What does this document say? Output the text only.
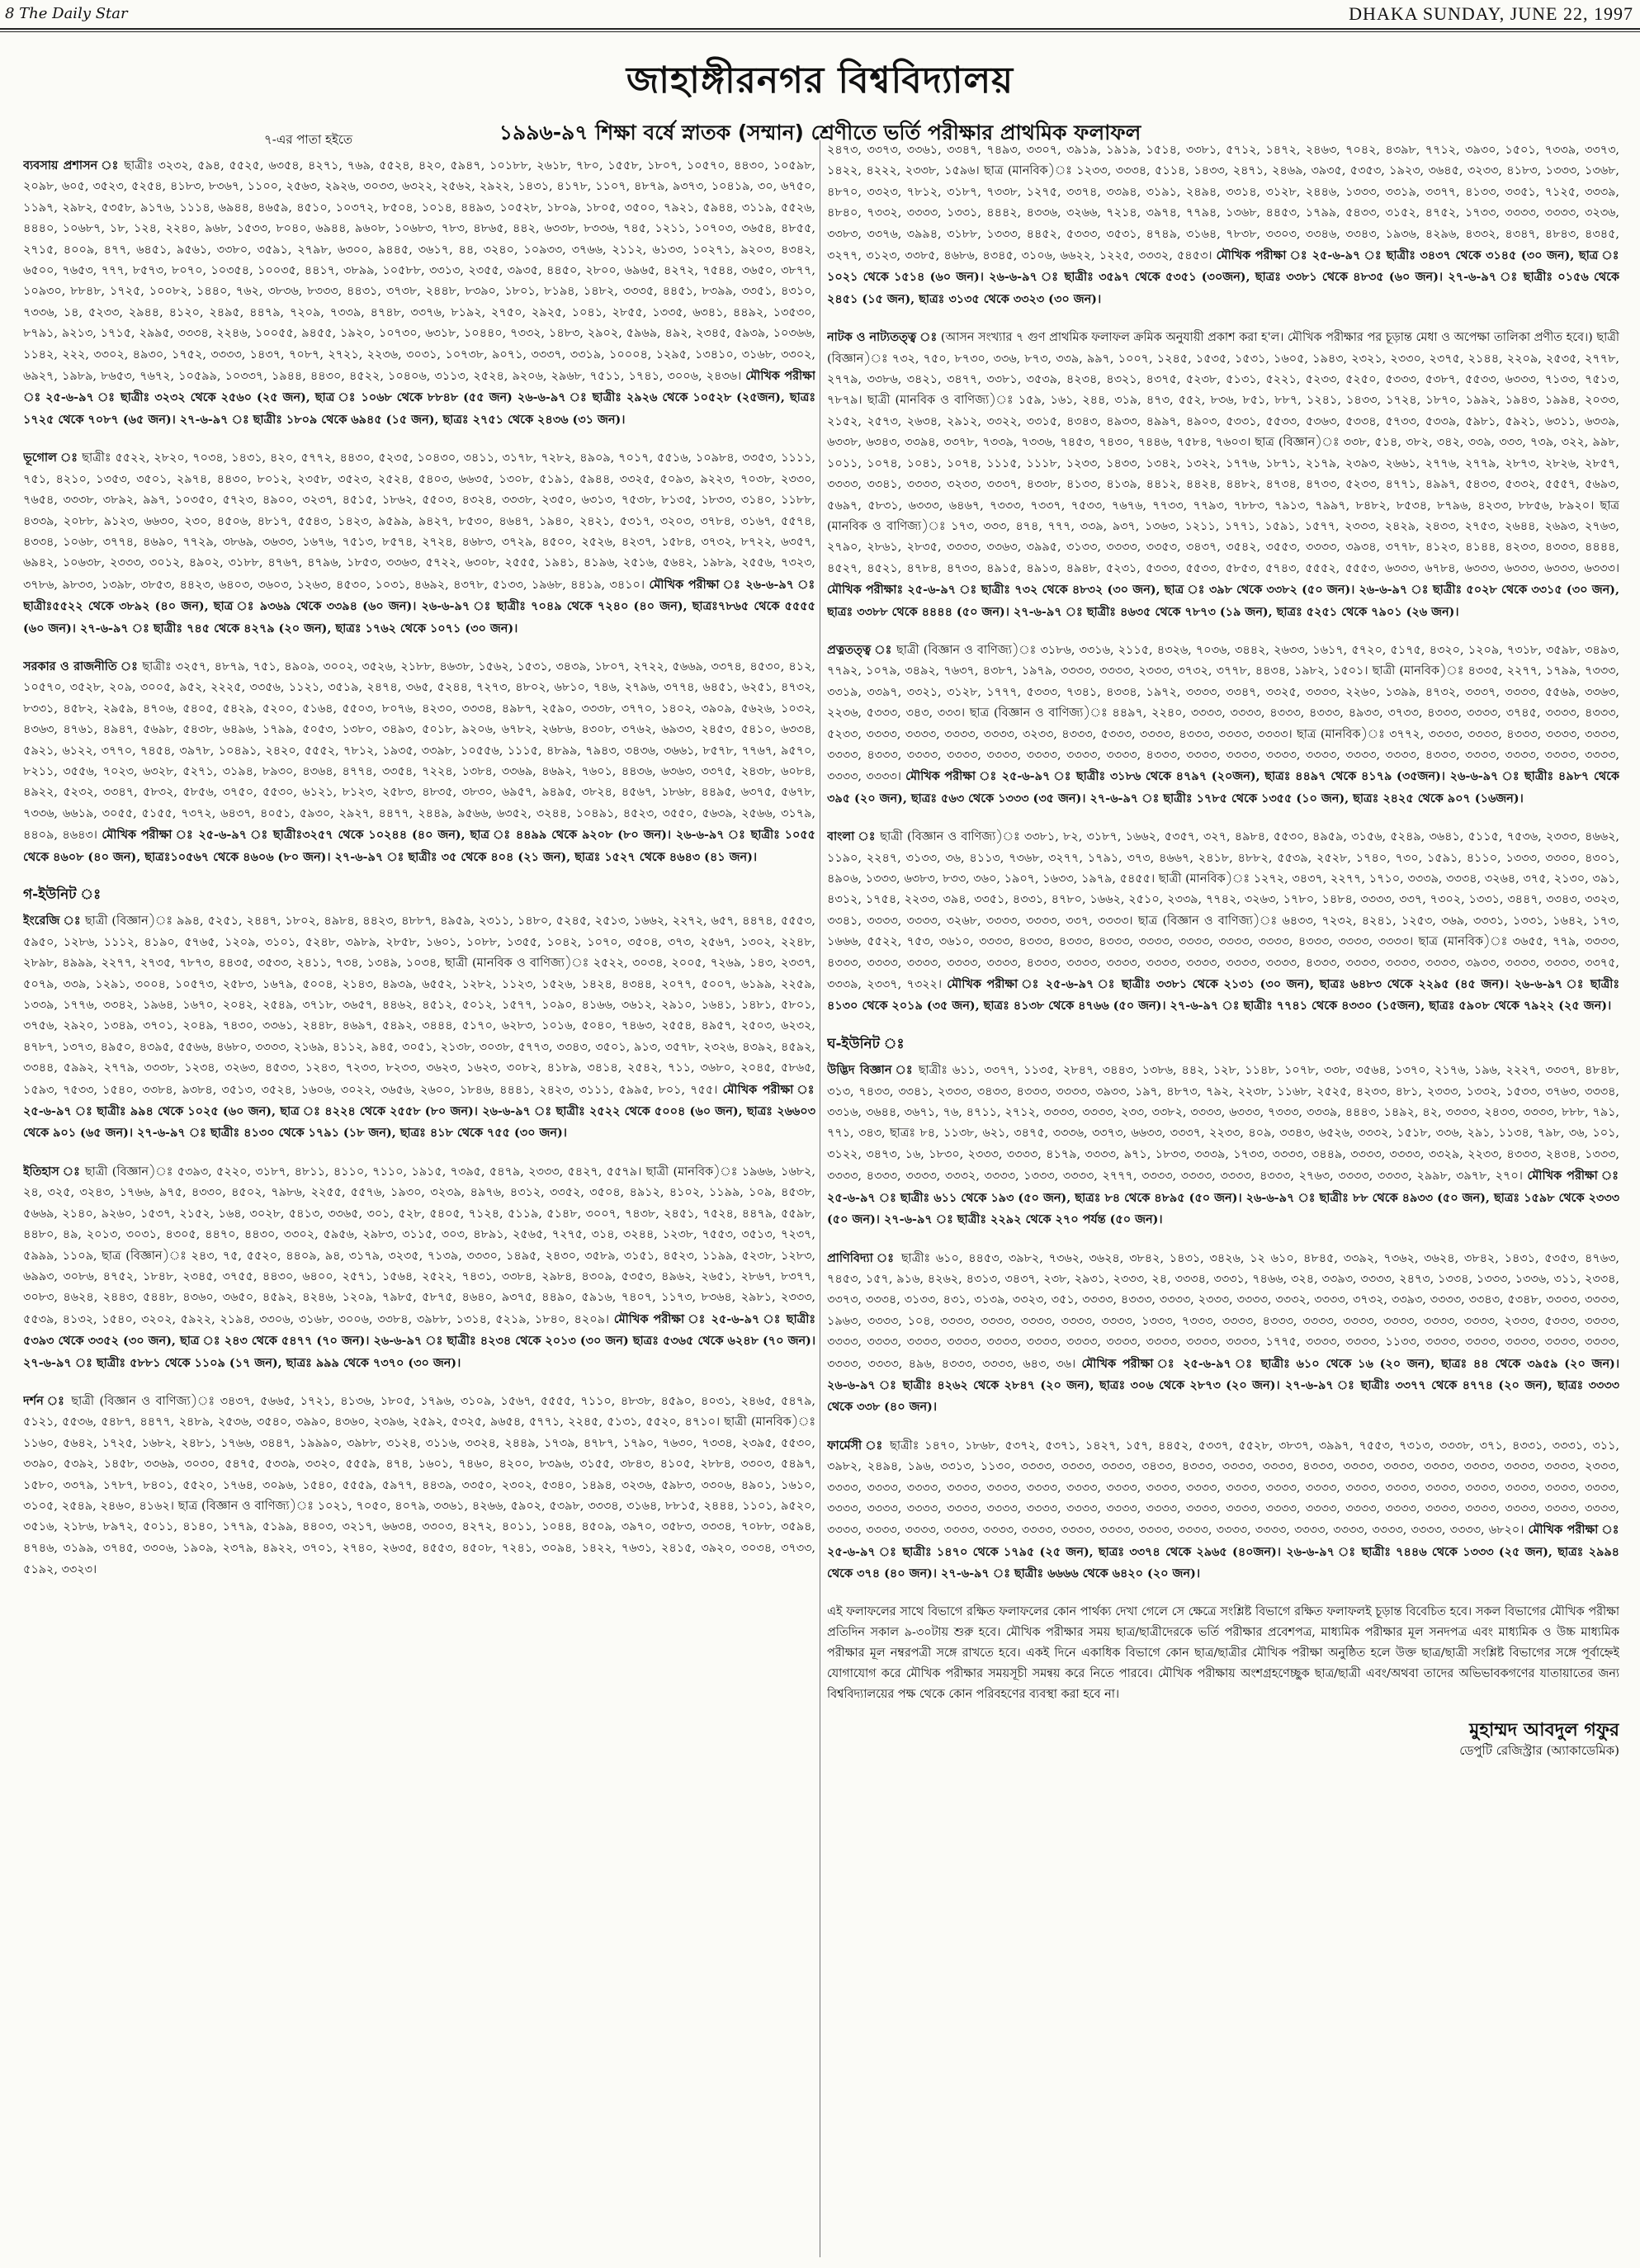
8 The Daily Star	DHAKA SUNDAY, JUNE 22, 1997
জাহাঙ্গীরনগর বিশ্ববিদ্যালয়
১৯৯৬-৯৭ শিক্ষা বর্ষে স্নাতক (সম্মান) শ্রেণীতে ভর্তি পরীক্ষার প্রাথমিক ফলাফল
৭-এর পাতা হইতে
ব্যবসায় প্রশাসন ঃ ছাত্রীঃ ৩২৩২, ৫৯৪, ৫৫২৫, ৬৩৫৪, ৪২৭১, ৭৬৯, ৫৫২৪, ৪২০, ৫৯৪৭, ১০১৮৮, ২৬১৮, ৭৮০, ১৫৫৮, ১৮০৭, ১০৫৭০, ৪৪৩০, ১০৫৯৮, ২০৯৮, ৬০৫, ৩৫২৩, ৫২৫৪, ৪১৮৩, ৮৩৬৭, ১১০০, ২৫৬৩, ২৯২৬, ৩০৩৩, ৬৩২২, ২৫৬২, ২৯২২, ১৪৩১, ৪১৭৮, ১১০৭, ৪৮৭৯, ৯৩৭৩, ১০৪১৯, ৩০, ৬৭৫০, ১১৯৭, ২৯৮২, ৫৩৫৮, ৯১৭৬, ১১১৪, ৬৯৪৪, ৪৬৫৯, ৪৫১০, ১০৩৭২, ৮৫০৪, ১০১৪, ৪৪৯৩, ১০৫২৮, ১৮০৯, ১৮০৫, ৩৫০০, ৭৯২১, ৫৯৪৪, ৩১১৯, ৫৫২৬, ৪৪৪০, ১০৬৮৭, ১৮, ১২৪, ২২৪০, ৯৬৮, ১৫৩৩, ৮০৪০, ৬৯৪৪, ৯৬০৮, ১০৬৮৩, ৭৮৩, ৪৮৬৫, ৪৪২, ৬৩৩৮, ৮৩৩৬, ৭৪৫, ১২১১, ১০৭০৩, ৩৬৫৪, ৪৮৫৫, ২৭১৫, ৪০০৯, ৪৭৭, ৬৪৫১, ৯৫৬১, ৩৩৮০, ৩৫৯১, ২৭৯৮, ৬৩০০, ৯৪৪৫, ৩৬১৭, ৪৪, ৩২৪০, ১০৯৩৩, ৩৭৬৬, ২১১২, ৬১৩৩, ১০২৭১, ৯২০৩, ৪৩৪২, ৬৫০০, ৭৬৫৩, ৭৭৭, ৮৫৭৩, ৮০৭০, ১০৩৫৪, ১০০৩৫, ৪৪১৭, ৩৮৯৯, ১০৫৮৮, ৩৩১৩, ২৩৫৫, ৩৯৩৫, ৪৪৫০, ২৮০০, ৬৯৬৫, ৪২৭২, ৭৫৪৪, ৩৬৫০, ৩৮৭৭, ১০৯৩০, ৮৮৪৮, ১৭২৫, ১০০৮২, ১৪৪০, ৭৬২, ৩৮৩৬, ৮৩৩৩, ৪৪৩১, ৩৭৩৮, ২৪৪৮, ৮৩৯০, ১৮০১, ৮১৯৪, ১৪৮২, ৩৩৩৫, ৪৪৫১, ৮৩৯৯, ৩৩৫১, ৪৩১০, ৭৩৩৬, ১৪, ৫২৩৩, ২৯৪৪, ৪১২০, ২৪৯৫, ৪৪৭৯, ৭২০৯, ৭৩৩৯, ৪৭৪৮, ৩৩৭৬, ৮১৯২, ২৭৫০, ২৯২৫, ১০৪১, ২৮৫৫, ১৩৩৫, ৬৩৪১, ৪৪৯২, ১৩৫৩০, ৮৭৯১, ৯২১৩, ১৭১৫, ২৯৯৫, ৩৩৩৪, ২২৪৬, ১০০৫৫, ৯৪৫৫, ১৯২০, ১০৭৩০, ৬৩১৮, ১০৪৪০, ৭৩৩২, ১৪৮৩, ২৯০২, ৫৯৬৯, ৪৯২, ২৩৪৫, ৫৯৩৯, ১০৩৬৬, ১১৪২, ২২২, ৩৩০২, ৪৯৩০, ১৭৫২, ৩৩৩৩, ১৪৩৭, ৭০৮৭, ২৭২১, ২২৩৬, ৩০৩১, ১০৭৩৮, ৯০৭১, ৩৩৩৭, ৩৩১৯, ১০০০৪, ১২৯৫, ১৩৪১০, ৩১৬৮, ৩৩০২, ৬৯২৭, ১৯৮৯, ৮৬৫৩, ৭৬৭২, ১০৫৯৯, ১০৩৩৭, ১৯৪৪, ৪৪৩০, ৪৫২২, ১০৪০৬, ৩১১৩, ২৫২৪, ৯২০৬, ২৯৬৮, ৭৫১১, ১৭৪১, ৩০০৬, ২৪৩৬। মৌখিক পরীক্ষা ঃ ২৫-৬-৯৭ ঃ ছাত্রীঃ ৩২৩২ থেকে ২৫৬০ (২৫ জন), ছাত্র ঃ ১০৬৮ থেকে ৮৮৪৮ (৫৫ জন) ২৬-৬-৯৭ ঃ ছাত্রীঃ ২৯২৬ থেকে ১০৫২৮ (২৫জন), ছাত্রঃ ১৭২৫ থেকে ৭০৮৭ (৬৫ জন)। ২৭-৬-৯৭ ঃ ছাত্রীঃ ১৮০৯ থেকে ৬৯৪৫ (১৫ জন), ছাত্রঃ ২৭৫১ থেকে ২৪৩৬ (৩১ জন)।
ভূগোল ঃ ছাত্রীঃ ৫৫২২, ২৮২০, ৭০৩৪, ১৪৩১, ৪২০, ৫৭৭২, ৪৪৩০, ৫২৩৫, ১০৪৩০, ৩৪১১, ৩১৭৮, ৭২৮২, ৪৯০৯, ৭০১৭, ৫৫১৬, ১০৯৮৪, ৩৩৫৩, ১১১১, ৭৫১, ৪২১০, ১৩৫৩, ৩৫০১, ২৯৭৪, ৪৪৩০, ৮০১২, ২৩৫৮, ৩৫২৩, ২৫২৪, ৫৪০৩, ৬৬৩৫, ১৩০৮, ৫১৯১, ৫৯৪৪, ৩৩২৫, ৫০৯৩, ৯২২৩, ৭০৩৮, ২৩৩০, ৭৬৫৪, ৩৩৩৮, ৩৮৯২, ৯৯৭, ১০৩৫০, ৫৭২৩, ৪৯০০, ৩২৩৭, ৪৫১৫, ১৮৬২, ৫৫০৩, ৪৩২৪, ৩৩৩৮, ২৩৫০, ৬৩১৩, ৭৫৩৮, ৮১৩৫, ১৮৩৩, ৩১৪০, ১১৮৮, ৪৩৩৯, ২০৮৮, ৯১২৩, ৬৬৩০, ২৩০, ৪৫০৬, ৪৮১৭, ৫৫৪৩, ১৪২৩, ৯৫৯৯, ৯৪২৭, ৮৫৩০, ৪৬৪৭, ১৯৪০, ২৪২১, ৫৩১৭, ৩২০৩, ৩৭৮৪, ৩১৬৭, ৫৫৭৪, ৪৩৩৪, ১০৬৮, ৩৭৭৪, ৪৬৯০, ৭৭২৯, ৩৮৬৯, ৩৬৩৩, ১৬৭৬, ৭৫১৩, ৮৫৭৪, ২৭২৪, ৪৬৮৩, ৩৭২৯, ৪৫০০, ২৫২৬, ৪২৩৭, ১৫৮৪, ৩৭৩২, ৮৭২২, ৬৩৫৭, ৬৯৪২, ১০৬৩৮, ২৩৩৩, ৩০১২, ৪৯০২, ৩১৮৮, ৪৭৬৭, ৪৭৯৬, ১৮৫৩, ৩৩৬৩, ৫৭২২, ৬৩০৮, ২৫৫৫, ১৯৪১, ৪১৯৬, ২৫১৬, ৫৬৪২, ১৯৮৯, ২৫৫৬, ৭৩২৩, ৩৭৮৬, ৯৮৩৩, ১৩৯৮, ৩৮৫৩, ৪৪২৩, ৬৪০৩, ৩৬০৩, ১২৬৩, ৪৫৩০, ১০৩১, ৪৬৯২, ৪৩৭৮, ৫১৩৩, ১৯৬৮, ৪৪১৯, ৩৪১০। মৌখিক পরীক্ষা ঃ ২৬-৬-৯৭ ঃ ছাত্রীঃ৫৫২২ থেকে ৩৮৯২ (৪০ জন), ছাত্র ঃ ৯৩৬৯ থেকে ৩৩৯৪ (৬০ জন)। ২৬-৬-৯৭ ঃ ছাত্রীঃ ৭০৪৯ থেকে ৭২৪০ (৪০ জন), ছাত্রঃ৭৮৬৫ থেকে ৫৫৫৫ (৬০ জন)। ২৭-৬-৯৭ ঃ ছাত্রীঃ ৭৪৫ থেকে ৪২৭৯ (২০ জন), ছাত্রঃ ১৭৬২ থেকে ১০৭১ (৩০ জন)।
সরকার ও রাজনীতি ঃ ছাত্রীঃ ৩২৫৭, ৪৮৭৯, ৭৫১, ৪৯০৯, ৩০০২, ৩৫২৬, ২১৮৮, ৪৬৩৮, ১৫৬২, ১৫৩১, ৩৪৩৯, ১৮০৭, ২৭২২, ৫৬৬৯, ৩৩৭৪, ৪৫৩০, ৪১২, ১০৫৭০, ৩৫২৮, ২০৯, ৩০০৫, ৯৫২, ২২২৫, ৩৩৫৬, ১১২১, ৩৫১৯, ২৪৭৪, ৩৬৫, ৫২৪৪, ৭২৭৩, ৪৮০২, ৬৮১০, ৭৪৬, ২৭৯৬, ৩৭৭৪, ৬৪৫১, ৬২৫১, ৪৭৩২, ৮৩৩১, ৪৫৮২, ২৯৫৯, ৪৭০৬, ৫৪০৫, ৫৪২৯, ৫২০০, ৫১৬৪, ৫৫০৩, ৮০৭৬, ৪২৩০, ৩৩৩৪, ৪৯৮৭, ২৫৯০, ৩৩৩৮, ৩৭৭০, ১৪০২, ৩৯০৯, ৫৬২৬, ১০৩২, ৪৩৬৩, ৪৭৬১, ৪৯৪৭, ৫৬৯৮, ৫৪৩৮, ৬৪৯৬, ১৭৯৯, ৫০৫৩, ১৩৮০, ৩৪৯৩, ৫০১৮, ৯২০৬, ৬৭৮২, ২৬৮৬, ৪৩০৮, ৩৭৬২, ৬৯৩৩, ২৪৫৩, ৫৪১০, ৬৩৩৪, ৫৯২১, ৬১২২, ৩৭৭০, ৭৪৫৪, ৩৯৭৮, ১০৪৯১, ২৪২০, ৫৫৫২, ৭৮১২, ১৯৩৫, ৩৩৯৮, ১০৫৫৬, ১১১৫, ৪৮৯৯, ৭৯৪৩, ৩৪৩৬, ৩৬৬১, ৮৫৭৮, ৭৭৬৭, ৯৫৭০, ৮২১১, ৩৫৫৬, ৭০২৩, ৬৩২৮, ৫২৭১, ৩১৯৪, ৮৯৩০, ৪৩৬৪, ৪৭৭৪, ৩৩৫৪, ৭২২৪, ১৩৮৪, ৩৩৬৯, ৪৬৯২, ৭৬০১, ৪৪৩৬, ৬৩৬৩, ৩৩৭৫, ২৪৩৮, ৬০৮৪, ৪৯২২, ৫২৩২, ৩৩৪৭, ৫৮৩২, ৫৮৫৬, ৩৭৫০, ৫৫৩০, ৬১২১, ৮১২৩, ২৫৮৩, ৪৮৩৫, ৩৮৩০, ৬৯৫৭, ৯৪৯৫, ৩৮২৪, ৪৫৬৭, ১৮৬৮, ৪৪৯৫, ৬৩৭৫, ৫৬৭৮, ৭৩৩৬, ৬৬১৯, ৩০৫৫, ৫১৫৫, ৭৩৭২, ৬৪৩৭, ৪০৫১, ৫৯৩০, ২৯২৭, ৪৪৭৭, ২৪৪৯, ৯৫৬৬, ৬৩৫২, ৩২৪৪, ১০৪৯১, ৪৫২৩, ৩৫৫০, ৫৬৩৯, ২৫৬৬, ৩১৭৯, ৪৪০৯, ৪৬৪৩। মৌখিক পরীক্ষা ঃ ২৫-৬-৯৭ ঃ ছাত্রীঃ৩২৫৭ থেকে ১০২৪৪ (৪০ জন), ছাত্র ঃ ৪৪৯৯ থেকে ৯২০৮ (৮০ জন)। ২৬-৬-৯৭ ঃ ছাত্রীঃ ১০৫৫ থেকে ৪৬০৮ (৪০ জন), ছাত্রঃ১০৫৬৭ থেকে ৪৬০৬ (৮০ জন)। ২৭-৬-৯৭ ঃ ছাত্রীঃ ৩৫ থেকে ৪০৪ (২১ জন), ছাত্রঃ ১৫২৭ থেকে ৪৬৪৩ (৪১ জন)।
গ-ইউনিট ঃ
ইংরেজি ঃ ছাত্রী (বিজ্ঞান)ঃ ৯৯৪, ৫২৫১, ২৪৪৭, ১৮০২, ৪৯৮৪, ৪৪২৩, ৪৮৮৭, ৪৯৫৯, ২৩১১, ১৪৮০, ৫২৪৫, ২৫১৩, ১৬৬২, ২২৭২, ৬৫৭, ৪৪৭৪, ৫৫৫৩, ৫৯৫০, ১২৮৬, ১১১২, ৪১৯০, ৫৭৬৫, ১২০৯, ৩১০১, ৫২৪৮, ৩৯৮৯, ২৮৫৮, ১৬০১, ১০৮৮, ১৩৫৫, ১০৪২, ১০৭০, ৩৫০৪, ৩৭৩, ২৫৬৭, ১৩০২, ২২৪৮, ২৮৯৮, ৪৯৯৯, ২২৭৭, ২৭৩৫, ৭৮৭৩, ৪৪৩৫, ৩৫৩৩, ২৪১১, ৭৩৪, ১৩৪৯, ১০৩৪, ছাত্রী (মানবিক ও বাণিজ্য)ঃ ২৫২২, ৩০৩৪, ২০০৫, ৭২৬৯, ১৪৩, ২৩৩৭, ৫০৭৯, ৩৩৯, ১২৯১, ৩০০৪, ১০৫৭৩, ২৫৮৩, ১৬৭৯, ৫০০৪, ২১৪৩, ৪৯৩৯, ৬৫৫২, ১২৮২, ১১২৩, ১৫২৬, ১৪২৪, ৪৩৪৪, ২০৭৭, ৫০০৭, ৬১৯৯, ২২৫৯, ১৩৩৯, ১৭৭৬, ৩৩৪২, ১৯৬৪, ১৬৭০, ২০৪২, ২৫৪৯, ৩৭১৮, ৩৬৫৭, ৪৪৬২, ৪৫১২, ৫০১২, ১৫৭৭, ১০৯০, ৪১৬৬, ৩৬১২, ২৯১০, ১৬৪১, ১৪৮১, ৫৮০১, ৩৭৫৬, ২৯২০, ১৩৪৯, ৩৭০১, ২০৪৯, ৭৪৩০, ৩৩৬১, ২৪৪৮, ৪৬৯৭, ৫৪৯২, ৩৪৪৪, ৫১৭০, ৬২৮৩, ১০১৬, ৫০৪০, ৭৪৬৩, ২৫৫৪, ৪৯৫৭, ২৫০৩, ৬২৩২, ৪৭৮৭, ১৩৭৩, ৪৯৫০, ৪৩৯৫, ৫৫৬৬, ৪৬৮০, ৩৩৩৩, ২১৬৯, ৪১১২, ৯৪৫, ৩০৫১, ২১৩৮, ৩০৩৮, ৫৭৭৩, ৩৩৪৩, ৩৫০১, ৯১৩, ৩৫৭৮, ২৩২৬, ৪৩৯২, ৪৫৯২, ৩৩৪৪, ৫৯৯২, ২৭৭৯, ৩৩৩৮, ১২৩৪, ৩২৬৩, ৪৫৩৩, ১২৪৩, ৭২৩৩, ৮২৩৩, ৩৬২৩, ১৬২৩, ৩০৮২, ৪১৮৯, ৩৪১৪, ২৫৪২, ৭১১, ৩৬৮০, ২০৪৫, ৫৮৬৫, ১৫৯৩, ৭৫৩৩, ১৫৪০, ৩৩৮৪, ৯৩৮৪, ৩৫১৩, ৩৫২৪, ১৬০৬, ৩০২২, ৩৬৫৬, ২৬০০, ১৮৪৬, ৪৪৪১, ২৪২৩, ৩১১১, ৫৯৯৫, ৮০১, ৭৫৫। মৌখিক পরীক্ষা ঃ ২৫-৬-৯৭ ঃ ছাত্রীঃ ৯৯৪ থেকে ১০২৫ (৬০ জন), ছাত্র ঃ ৪২২৪ থেকে ২৫৫৮ (৮০ জন)। ২৬-৬-৯৭ ঃ ছাত্রীঃ ২৫২২ থেকে ৫০০৪ (৬০ জন), ছাত্রঃ ২৬৬০৩ থেকে ৯০১ (৬৫ জন)। ২৭-৬-৯৭ ঃ ছাত্রীঃ ৪১৩০ থেকে ১৭৯১ (১৮ জন), ছাত্রঃ ৪১৮ থেকে ৭৫৫ (৩০ জন)।
ইতিহাস ঃ ছাত্রী (বিজ্ঞান)ঃ ৫৩৯৩, ৫২২০, ৩১৮৭, ৪৮১১, ৪১১০, ৭১১০, ১৯১৫, ৭৩৯৫, ৫৪৭৯, ২৩৩৩, ৫৪২৭, ৫৫৭৯। ছাত্রী (মানবিক)ঃ ১৯৬৬, ১৬৮২, ২৪, ৩২৫, ৩২৪৩, ১৭৬৬, ৯৭৫, ৪৩৩০, ৪৫০২, ৭৯৮৬, ২২৫৫, ৫৫৭৬, ১৯৩০, ৩২৩৯, ৪৯৭৬, ৪৩১২, ৩৩৫২, ৩৫০৪, ৪৯১২, ৪১০২, ১১৯৯, ১০৯, ৪৫৩৮, ৫৬৬৯, ২১৪০, ৯২৬০, ১৫৩৭, ২১৫২, ১৬৪, ৩০২৮, ৫৪১৩, ৩৩৬৫, ৩০১, ৫২৮, ৫৪০৫, ৭১২৪, ৫১১৯, ৫১৪৮, ৩০০৭, ৭৪৩৮, ২৪৫১, ৭৫২৪, ৪৪৭৯, ৫৫৯৮, ৪৪৮০, ৪৯, ২০১৩, ৩০৩১, ৪৩০৫, ৪৪৭০, ৪৪৩০, ৩৩০২, ৫৯৫৬, ২৯৮৩, ৩১১৫, ৩০৩, ৪৮৯১, ২৫৬৫, ৭২৭৫, ৩১৪, ৩২৪৪, ১২৩৮, ৭৫৫৩, ৩৫১৩, ৭২৩৭, ৫৯৯৯, ১১০৯, ছাত্র (বিজ্ঞান)ঃ ২৪৩, ৭৫, ৫৫২০, ৪৪০৯, ৯৪, ৩১৭৯, ৩২৩৫, ৭১৩৯, ৩৩৩০, ১৪৯৫, ২৪৩০, ৩৫৮৯, ৩১৫১, ৪৫২৩, ১১৯৯, ৫২৩৮, ১২৮৩, ৬৯৯৩, ৩০৮৬, ৪৭৫২, ১৮৪৮, ২৩৪৫, ৩৭৫৫, ৪৪৩০, ৬৪০০, ২৫৭১, ১৫৬৪, ২৫২২, ৭৪৩১, ৩৩৮৪, ২৯৮৪, ৪৩০৯, ৫৩৫৩, ৪৯৬২, ২৬৫১, ২৮৬৭, ৮৩৭৭, ৩০৮৩, ৪৬২৪, ২৪৪৩, ৫৪৪৮, ৪৩৬০, ৩৬৫০, ৪৫৯২, ৪২৪৬, ১২০৯, ৭৯৮৫, ৫৮৭৫, ৪৬৪০, ৯৩৭৫, ৪৪৯০, ৫৯১৬, ৭৪০৭, ১১৭৩, ৮৩৬৪, ২৯৮১, ২৩৩৩, ৫৫৩৯, ৪১৩২, ১৫৪০, ৩২০২, ৫৯২২, ২১৯৪, ৩৩০৬, ৩১৬৮, ৩০০৬, ৩৩৮৪, ৩৯৮৮, ১৩১৪, ৫২১৯, ১৮৪০, ৪২০৯। মৌখিক পরীক্ষা ঃ ২৫-৬-৯৭ ঃ ছাত্রীঃ ৫৩৯৩ থেকে ৩৩৫২ (৩০ জন), ছাত্র ঃ ২৪৩ থেকে ৫৪৭৭ (৭০ জন)। ২৬-৬-৯৭ ঃ ছাত্রীঃ ৪২৩৪ থেকে ২০১৩ (৩০ জন) ছাত্রঃ ৫৩৬৫ থেকে ৬২৪৮ (৭০ জন)। ২৭-৬-৯৭ ঃ ছাত্রীঃ ৫৮৮১ থেকে ১১০৯ (১৭ জন), ছাত্রঃ ৯৯৯ থেকে ৭৩৭০ (৩০ জন)।
দর্শন ঃ ছাত্রী (বিজ্ঞান ও বাণিজ্য)ঃ ৩৪৩৭, ৫৬৬৫, ১৭২১, ৪১৩৬, ১৮০৫, ১৭৯৬, ৩১০৯, ১৫৬৭, ৫৫৫৫, ৭১১০, ৪৮৩৮, ৪৫৯০, ৪০৩১, ২৪৬৫, ৫৪৭৯, ৫১২১, ৫৫৩৬, ৫৪৮৭, ৪৪৭৭, ২৪৮৯, ২৫৩৬, ৩৫৪০, ৩৯৯০, ৪৩৬০, ২৩৯৬, ২৫৯২, ৫৩২৫, ৯৬৫৪, ৫৭৭১, ২২৪৫, ৫১৩১, ৫৫২০, ৪৭১০। ছাত্রী (মানবিক)ঃ ১১৬০, ৫৬৪২, ১৭২৫, ১৬৮২, ২৪৮১, ১৭৬৬, ৩৪৪৭, ১৯৯৯০, ৩৯৮৮, ৩১২৪, ৩১১৬, ৩৩২৪, ২৪৪৯, ১৭৩৯, ৪৭৮৭, ১৭৯০, ৭৬৩০, ৭৩৩৪, ২৩৯৫, ৫৫৩০, ৩৩৯০, ৫৩৯২, ১৪৫৮, ৩৩৬৯, ৩০৩০, ৫৪৭৫, ৫৩৩৯, ৩৩২০, ৫৫৫৯, ৪৭৪, ১৬০১, ৭৪৬০, ৪২০০, ৮৩৯৬, ৩১৫৫, ৩৮৪৩, ৪১০৫, ২৮৮৪, ৩৩০৩, ৫৪৯৭, ১৫৮০, ৩৩৭৯, ১৭৮৭, ৮৪০১, ৫৫২০, ১৭৬৪, ৩০৯৬, ১৫৪০, ৫৫৫৯, ৫৯৭৭, ৪৪৩৯, ৩৩৫০, ২৩০২, ৫৩৪০, ১৪৯৪, ৩২৩৬, ৫৯৮৩, ৩৩০৬, ৪৯০১, ১৬১০, ৩১০৫, ২৫৪৯, ২৪৬০, ৪১৬২। ছাত্র (বিজ্ঞান ও বাণিজ্য)ঃ ১০২১, ৭০৫০, ৪০৭৯, ৩৩৬১, ৪২৬৬, ৫৯০২, ৫৩৯৮, ৩৩৩৪, ৩১৬৪, ৮৮১৫, ২৪৪৪, ১১০১, ৯৫২০, ৩৫১৬, ২১৮৬, ৮৯৭২, ৫০১১, ৪১৪০, ১৭৭৯, ৫১৯৯, ৪৪০৩, ৩২১৭, ৬৬৩৪, ৩৩০৩, ৪২৭২, ৪০১১, ১০৪৪, ৪৫০৯, ৩৯৭০, ৩৫৮৩, ৩৩৩৪, ৭০৮৮, ৩৫৯৪, ৪৭৪৬, ৩১৯৯, ৩৭৪৫, ৩৩০৬, ১৯০৯, ২৩৭৯, ৪৯২২, ৩৭০১, ২৭৪০, ২৬৩৫, ৪৫৫৩, ৪৫০৮, ৭২৪১, ৩০৯৪, ১৪২২, ৭৬৩১, ২৪১৫, ৩৯২০, ৩০৩৪, ৩৭৩৩, ৫১৯২, ৩৩২৩।
২৪৭৩, ৩৩৭৩, ৩৩৬১, ৩৩৪৭, ৭৪৯৩, ৩৩০৭, ৩৯১৯, ১৯১৯, ১৫১৪, ৩৩৮১, ৫৭১২, ১৪৭২, ২৪৬৩, ৭০৪২, ৪৩৯৮, ৭৭১২, ৩৯৩০, ১৫০১, ৭৩৩৯, ৩৩৭৩, ১৪২২, ৪২২২, ২৩৩৮, ১৫৯৬। ছাত্র (মানবিক)ঃ ১২৩৩, ৩৩৩৪, ৫১১৪, ১৪৩৩, ২৪৭১, ২৪৬৯, ৩৯৩৫, ৫৩৫৩, ১৯২৩, ৩৬৪৫, ৩২৩৩, ৪১৮৩, ১৩৩৩, ১৩৬৮, ৪৮৭০, ৩৩২৩, ৭৮১২, ৩১৮৭, ৭৩৩৮, ১২৭৫, ৩৩৭৪, ৩৩৯৪, ৩১৯১, ২৪৯৪, ৩৩১৪, ৩১২৮, ২৪৪৬, ১৩৩৩, ৩৩১৯, ৩৩৭৭, ৪১৩৩, ৩৩৫১, ৭১২৫, ৩৩৩৯, ৪৮৪০, ৭৩৩২, ৩৩৩৩, ১৩৩১, ৪৪৪২, ৪৩৩৬, ৩২৬৬, ৭২১৪, ৩৯৭৪, ৭৭৯৪, ১৩৬৮, ৪৪৫৩, ১৭৯৯, ৫৪৩৩, ৩১৫২, ৪৭৫২, ১৭৩৩, ৩৩৩৩, ৩৩৩৩, ৩২৩৬, ৩৩৮৩, ৩৩৭৬, ৩৯৯৪, ৩১৮৮, ১৩৩৩, ৪৪৫২, ৫৩৩৩, ৩৫৩১, ৪৭৪৯, ৩১৬৪, ৭৮৩৮, ৩৩০৩, ৩৩৪৬, ৩৩৪৩, ১৯৩৬, ৪২৯৬, ৪৩৩২, ৪৩৪৭, ৪৮৪৩, ৪৩৪৫, ৩২৭৭, ৩১২৩, ৩৩৮৫, ৪৬৮৬, ৪৩৪৫, ৩১০৬, ৬৬২২, ১২২৫, ৩৩৩২, ৫৪৫৩। মৌখিক পরীক্ষা ঃ ২৫-৬-৯৭ ঃ ছাত্রীঃ ৩৪৩৭ থেকে ৩১৪৫ (৩০ জন), ছাত্র ঃ ১০২১ থেকে ১৫১৪ (৬০ জন)। ২৬-৬-৯৭ ঃ ছাত্রীঃ ৩৫৯৭ থেকে ৫৩৫১ (৩০জন), ছাত্রঃ ৩৩৮১ থেকে ৪৮৩৫ (৬০ জন)। ২৭-৬-৯৭ ঃ ছাত্রীঃ ০১৫৬ থেকে ২৪৫১ (১৫ জন), ছাত্রঃ ৩১৩৫ থেকে ৩৩২৩ (৩০ জন)।
নাটক ও নাট্যতত্ত্ব ঃ (আসন সংখ্যার ৭ গুণ প্রাথমিক ফলাফল ক্রমিক অনুযায়ী প্রকাশ করা হ'ল। মৌখিক পরীক্ষার পর চূড়ান্ত মেধা ও অপেক্ষা তালিকা প্রণীত হবে।) ছাত্রী (বিজ্ঞান)ঃ ৭৩২, ৭৫০, ৮৭৩০, ৩৩৬, ৮৭৩, ৩৩৯, ৯৯৭, ১০০৭, ১২৪৫, ১৫৩৫, ১৫৩১, ১৬০৫, ১৯৪৩, ২৩২১, ২৩৩০, ২৩৭৫, ২১৪৪, ২২০৯, ২৫৩৫, ২৭৭৮, ২৭৭৯, ৩৩৮৬, ৩৪২১, ৩৪৭৭, ৩৩৮১, ৩৫৩৯, ৪২৩৪, ৪৩২১, ৪৩৭৫, ৫২৩৮, ৫১৩১, ৫২২১, ৫২৩৩, ৫২৫০, ৫৩৩৩, ৫৩৮৭, ৫৫৩৩, ৬৩৩৩, ৭১৩৩, ৭৫১৩, ৭৮৭৯। ছাত্রী (মানবিক ও বাণিজ্য)ঃ ১৫৯, ১৬১, ২৪৪, ৩১৯, ৪৭৩, ৫৫২, ৮৩৬, ৮৫১, ৮৮৭, ১২৪১, ১৪৩৩, ১৭২৪, ১৮৭০, ১৯৯২, ১৯৪৩, ১৯৯৪, ২০৩৩, ২১৫২, ২৫৭৩, ২৬৩৪, ২৯১২, ৩৩২২, ৩৩১৫, ৪৩৪৩, ৪৯৩৩, ৪৯৯৭, ৪৯০৩, ৫৩৩১, ৫৫৩৩, ৫৩৬৩, ৫৩৩৪, ৫৭৩৩, ৫৩৩৯, ৫৯৮১, ৫৯২১, ৬৩১১, ৬৩৩৯, ৬৩৩৮, ৬৩৪৩, ৩৩৯৪, ৩৩৭৮, ৭৩৩৯, ৭৩৩৬, ৭৪৫৩, ৭৪৩০, ৭৪৪৬, ৭৫৮৪, ৭৬০৩। ছাত্র (বিজ্ঞান)ঃ ৩৩৮, ৫১৪, ৩৮২, ৩৪২, ৩৩৯, ৩৩৩, ৭৩৯, ৩২২, ৯৯৮, ১০১১, ১০৭৪, ১০৪১, ১০৭৪, ১১১৫, ১১১৮, ১২৩৩, ১৪৩৩, ১৩৪২, ১৩২২, ১৭৭৬, ১৮৭১, ২১৭৯, ২৩৯৩, ২৬৬১, ২৭৭৬, ২৭৭৯, ২৮৭৩, ২৮২৬, ২৮৫৭, ৩৩৩৩, ৩৩৪১, ৩৩৩৩, ৩২৩৩, ৩৩৩৭, ৪৩৩৮, ৪১৩৩, ৪১৩৯, ৪৪১২, ৪৪২৪, ৪৪৮২, ৪৭৩৪, ৪৭৩৩, ৫২৩৩, ৪৭৭১, ৪৯৯৭, ৫৪৩৩, ৫৩৩২, ৫৫৫৭, ৫৬৯৩, ৫৬৯৭, ৫৮৩১, ৬৩৩৩, ৬৪৬৭, ৭৩৩৩, ৭৩৩৭, ৭৫৩৩, ৭৬৭৬, ৭৭৩৩, ৭৭৯৩, ৭৮৮৩, ৭৯১৩, ৭৯৯৭, ৮৪৮২, ৮৫৩৪, ৮৭৯৬, ৪২৩৩, ৮৮৫৬, ৮৯২০। ছাত্র (মানবিক ও বাণিজ্য)ঃ ১৭৩, ৩৩৩, ৪৭৪, ৭৭৭, ৩৩৯, ৯৩৭, ১৩৬৩, ১২১১, ১৭৭১, ১৫৯১, ১৫৭৭, ২৩৩৩, ২৪২৯, ২৪৩৩, ২৭৫৩, ২৬৪৪, ২৬৯৩, ২৭৬৩, ২৭৯০, ২৮৬১, ২৮৩৫, ৩৩৩৩, ৩৩৬৩, ৩৯৯৫, ৩১৩৩, ৩৩৩৩, ৩৩৫৩, ৩৪৩৭, ৩৫৪২, ৩৫৫৩, ৩৩৩৩, ৩৯৩৪, ৩৭৭৮, ৪১২৩, ৪১৪৪, ৪২৩৩, ৪৩৩৩, ৪৪৪৪, ৪৫২৭, ৪৫২১, ৪৭৮৪, ৪৭৩৩, ৪৯১৫, ৪৯১৩, ৪৯৪৮, ৫২৩১, ৫৩৩৩, ৫৫৩৩, ৫৮৫৩, ৫৭৪৩, ৫৫৫২, ৫৫৫৩, ৬৩৩৩, ৬৭৮৪, ৬৩৩৩, ৬৩৩৩, ৬৩৩৩, ৬৩৩৩। মৌখিক পরীক্ষাঃ ২৫-৬-৯৭ ঃ ছাত্রীঃ ৭৩২ থেকে ৪৮৩২ (৩০ জন), ছাত্র ঃ ৩৯৮ থেকে ৩৩৮২ (৫০ জন)। ২৬-৬-৯৭ ঃ ছাত্রীঃ ৫০২৮ থেকে ৩৩১৫ (৩০ জন), ছাত্রঃ ৩৩৮৮ থেকে ৪৪৪৪ (৫০ জন)। ২৭-৬-৯৭ ঃ ছাত্রীঃ ৪৬৩৫ থেকে ৭৮৭৩ (১৯ জন), ছাত্রঃ ৫২৫১ থেকে ৭৯০১ (২৬ জন)।
প্রত্নতত্ত্ব ঃ ছাত্রী (বিজ্ঞান ও বাণিজ্য)ঃ ৩১৮৬, ৩৩১৬, ২১১৫, ৪৩২৬, ৭০৩৬, ৩৪৪২, ২৬৩৩, ১৬১৭, ৫৭২০, ৫১৭৫, ৪৩২০, ১২০৯, ৭৩১৮, ৩৫৯৮, ৩৪৯৩, ৭৭৯২, ১০৭৯, ৩৪৯২, ৭৬৩৭, ৪৩৮৭, ১৯৭৯, ৩৩৩৩, ৩৩৩৩, ২৩৩৩, ৩৭৩২, ৩৭৭৮, ৪৪৩৪, ১৯৮২, ১৫০১। ছাত্রী (মানবিক)ঃ ৪৩৩৫, ২২৭৭, ১৭৯৯, ৭৩৩৩, ৩৩১৯, ৩৩৯৭, ৩৩২১, ৩১২৮, ১৭৭৭, ৫৩৩৩, ৭৩৪১, ৪৩৩৪, ১৯৭২, ৩৩৩৩, ৩৩৪৭, ৩৩২৫, ৩৩৩৩, ২২৬০, ১৩৯৯, ৪৭৩২, ৩৩৩৭, ৩৩৩৩, ৫৫৬৯, ৩৩৬৩, ২২৩৬, ৫৩৩৩, ৩৪৩, ৩৩৩। ছাত্র (বিজ্ঞান ও বাণিজ্য)ঃ ৪৪৯৭, ২২৪০, ৩৩৩৩, ৩৩৩৩, ৪৩৩৩, ৪৩৩৩, ৪৯৩৩, ৩৭৩৩, ৪৩৩৩, ৩৩৩৩, ৩৭৪৫, ৩৩৩৩, ৪৩৩৩, ৫২৩৩, ৩৩৩৩, ৩৩৩৩, ৩৩৩৩, ৩৩৩৩, ৩২৩৩, ৪৩৩৩, ৫৩৩৩, ৩৩৩৩, ৪৩৩৩, ৩৩৩৩, ৩৩৩৩। ছাত্র (মানবিক)ঃ ৩৭৭২, ৩৩৩৩, ৩৩৩৩, ৪৩৩৩, ৩৩৩৩, ৩৩৩৩, ৩৩৩৩, ৪৩৩৩, ৩৩৩৩, ৩৩৩৩, ৩৩৩৩, ৩৩৩৩, ৩৩৩৩, ৩৩৩৩, ৪৩৩৩, ৩৩৩৩, ৩৩৩৩, ৩৩৩৩, ৩৩৩৩, ৩৩৩৩, ৩৩৩৩, ৪৩৩৩, ৩৩৩৩, ৩৩৩৩, ৩৩৩৩, ৩৩৩৩, ৩৩৩৩, ৩৩৩৩। মৌখিক পরীক্ষা ঃ ২৫-৬-৯৭ ঃ ছাত্রীঃ ৩১৮৬ থেকে ৪৭৯৭ (২০জন), ছাত্রঃ ৪৪৯৭ থেকে ৪১৭৯ (৩৫জন)। ২৬-৬-৯৭ ঃ ছাত্রীঃ ৪৯৮৭ থেকে ৩৯৫ (২০ জন), ছাত্রঃ ৫৬৩ থেকে ১৩৩৩ (৩৫ জন)। ২৭-৬-৯৭ ঃ ছাত্রীঃ ১৭৮৫ থেকে ১৩৫৫ (১০ জন), ছাত্রঃ ২৪২৫ থেকে ৯০৭ (১৬জন)।
বাংলা ঃ ছাত্রী (বিজ্ঞান ও বাণিজ্য)ঃ ৩৩৮১, ৮২, ৩১৮৭, ১৬৬২, ৫৩৫৭, ৩২৭, ৪৯৮৪, ৫৫৩০, ৪৯৫৯, ৩১৫৬, ৫২৪৯, ৩৬৪১, ৫১১৫, ৭৫৩৬, ২৩৩৩, ৪৬৬২, ১১৯০, ২২৪৭, ৩১৩৩, ৩৬, ৪১১৩, ৭৩৬৮, ৩২৭৭, ১৭৯১, ৩৭৩, ৪৬৬৭, ২৪১৮, ৪৮৮২, ৫৫৩৯, ২৫২৮, ১৭৪০, ৭৩০, ১৫৯১, ৪১১০, ১৩৩৩, ৩৩৩০, ৪৩০১, ৪৯০৬, ১৩৩৩, ৬৩৮৩, ৮৩৩, ৩৬০, ১৯০৭, ১৬৩৩, ১৯৭৯, ৫৪৫৫। ছাত্রী (মানবিক)ঃ ১২৭২, ৩৪৩৭, ২২৭৭, ১৭১০, ৩৩৩৯, ৩৩৩৪, ৩২৬৪, ৩৭৫, ২১৩০, ৩৯১, ৪৩১২, ১৭৫৪, ২২৩৩, ৩৯৪, ৩৩৫১, ৪৩৩১, ৪৭৮০, ১৬৬২, ২৫১০, ২৩৩৯, ৭৭৪২, ৩২৬৩, ১৭৮০, ১৪৮৪, ৩৩৩৩, ৩৩৭, ৭৩০২, ১৩৩১, ৩৪৪৭, ৩৩৪৩, ৩৩২৩, ৩৩৪১, ৩৩৩৩, ৩৩৩৩, ৩২৬৮, ৩৩৩৩, ৩৩৩৩, ৩৩৭, ৩৩৩৩। ছাত্র (বিজ্ঞান ও বাণিজ্য)ঃ ৬৪৩৩, ৭২৩২, ৪২৪১, ১২৫৩, ৩৬৯, ৩৩৩১, ১৩৩১, ১৬৪২, ১৭৩, ১৬৬৬, ৫৫২২, ৭৫৩, ৩৬১০, ৩৩৩৩, ৪৩৩৩, ৪৩৩৩, ৪৩৩৩, ৩৩৩৩, ৩৩৩৩, ৩৩৩৩, ৩৩৩৩, ৪৩৩৩, ৩৩৩৩, ৩৩৩৩। ছাত্র (মানবিক)ঃ ৩৬৫৫, ৭৭৯, ৩৩৩৩, ৪৩৩৩, ৩৩৩৩, ৩৩৩৩, ৩৩৩৩, ৩৩৩৩, ৪৩৩৩, ৩৩৩৩, ৩৩৩৩, ৩৩৩৩, ৩৩৩৩, ৩৩৩৩, ৩৩৩৩, ৪৩৩৩, ৩৩৩৩, ৩৩৩৩, ৩৩৩৩, ৩৯৩৩, ৩৩৩৩, ৩৩৩৩, ৩৩৭৫, ৩৩৩৯, ২৩৩৭, ৭৩২২। মৌখিক পরীক্ষা ঃ ২৫-৬-৯৭ ঃ ছাত্রীঃ ৩৩৮১ থেকে ২১৩১ (৩০ জন), ছাত্রঃ ৬৪৮৩ থেকে ২২৯৫ (৪৫ জন)। ২৬-৬-৯৭ ঃ ছাত্রীঃ ৪১৩০ থেকে ২০১৯ (৩৫ জন), ছাত্রঃ ৪১৩৮ থেকে ৪৭৬৬ (৫০ জন)। ২৭-৬-৯৭ ঃ ছাত্রীঃ ৭৭৪১ থেকে ৪৩৩০ (১৫জন), ছাত্রঃ ৫৯০৮ থেকে ৭৯২২ (২৫ জন)।
ঘ-ইউনিট ঃ
উদ্ভিদ বিজ্ঞান ঃ ছাত্রীঃ ৬১১, ৩৩৭৭, ১১৩৫, ২৮৪৭, ৩৪৪৩, ১৩৮৬, ৪৪২, ১২৮, ১১৪৮, ১০৭৮, ৩৩৮, ৩৫৬৪, ১৩৭০, ২১৭৬, ১৯৬, ২২২৭, ৩৩৩৭, ৪৮৪৮, ৩১৩, ৭৪৩৩, ৩৩৪১, ২৩৩৩, ৩৪৩৩, ৪৩৩৩, ৩৩৩৩, ৩৯৩৩, ১৯৭, ৪৮৭৩, ৭৯২, ২২৩৮, ১১৬৮, ২৫২৫, ৪২৩৩, ৪৮১, ২৩৩৩, ১৩৩২, ১৫৩৩, ৩৭৬৩, ৩৩৩৪, ৩৩১৬, ৩৬৪৪, ৩৬৭১, ৭৬, ৪৭১১, ২৭১২, ৩৩৩৩, ৩৩৩৩, ২৩৩, ৩৩৮২, ৩৩৩৩, ৬৩৩৩, ৭৩৩৩, ৩৩৩৯, ৪৪৪৩, ১৪৯২, ৪২, ৩৩৩৩, ২৪৩৩, ৩৩৩৩, ৮৮৮, ৭৯১, ৭৭১, ৩৪৩, ছাত্রঃ ৮৪, ১১৩৮, ৬২১, ৩৪৭৫, ৩৩৩৬, ৩৩৭৩, ৬৬৩৩, ৩৩৩৭, ২২৩৩, ৪০৯, ৩৩৪৩, ৬৫২৬, ৩৩৩২, ১৫১৮, ৩৩৬, ২৯১, ১১৩৪, ৭৯৮, ৩৬, ১০১, ৩১২২, ৩৪৭৩, ১৬, ১৮৩০, ২৩৩৩, ৩৩৩৩, ৪১৭৯, ৩৩৩৩, ৯৭১, ১৮৩৩, ৩৩৩৯, ১৭৩৩, ৩৩৩৩, ৩৪৪৯, ৩৩৩৩, ৩৩৩৩, ৩৩২৯, ২২৩৩, ৪৩৩৩, ২৪৩৪, ১৩৩৩, ৩৩৩৩, ৪৩৩৩, ৩৩৩৩, ৩৩৩২, ৩৩৩৩, ১৩৩৩, ৩৩৩৩, ২৭৭৭, ৩৩৩৩, ৩৩৩৩, ৩৩৩৩, ৪৩৩৩, ২৭৬৩, ৩৩৩৩, ৩৩৩৩, ২৯৯৮, ৩৯৭৮, ২৭০। মৌখিক পরীক্ষা ঃ ২৫-৬-৯৭ ঃ ছাত্রীঃ ৬১১ থেকে ১৯৩ (৫০ জন), ছাত্রঃ ৮৪ থেকে ৪৮৯৫ (৫০ জন)। ২৬-৬-৯৭ ঃ ছাত্রীঃ ৮৮ থেকে ৪৯৩৩ (৫০ জন), ছাত্রঃ ১৫৯৮ থেকে ২৩৩৩ (৫০ জন)। ২৭-৬-৯৭ ঃ ছাত্রীঃ ২২৯২ থেকে ২৭০ পর্যন্ত (৫০ জন)।
প্রাণিবিদ্যা ঃ ছাত্রীঃ ৬১০, ৪৪৫৩, ৩৯৮২, ৭৩৬২, ৩৬২৪, ৩৮৪২, ১৪৩১, ৩৪২৬, ১২ ৬১০, ৪৮৪৫, ৩৩৯২, ৭৩৬২, ৩৬২৪, ৩৮৪২, ১৪৩১, ৫৩৫৩, ৪৭৬৩, ৭৪৫৩, ১৫৭, ৯১৬, ৪২৬২, ৪৩১৩, ৩৪৩৭, ২৩৮, ২৯৩১, ২৩৩৩, ২৪, ৩৩৩৪, ৩৩৩১, ৭৪৬৬, ৩২৪, ৩৩৯৩, ৩৩৩৩, ২৪৭৩, ১৩৩৪, ১৩৩৩, ১৩৩৬, ৩১১, ২৩৩৪, ৩৩৭৩, ৩৩৩৪, ৩১৩৩, ৪৩১, ৩১৩৯, ৩৩২৩, ৩৫১, ৩৩৩৩, ৪৩৩৩, ৩৩৩৩, ২৩৩৩, ৩৩৩৩, ৩৩৩২, ৩৩৩৩, ৩৭৩২, ৩৩৯৩, ৩৩৩৩, ৩৩৪৩, ৫৩৪৮, ৩৩৩৩, ৩৩৩৩, ১৯৬৩, ৩৩৩৩, ১০৪, ৩৩৩৩, ৩৩৩৩, ৩৩৩৩, ৩৩৩৩, ৩৩৩৩, ১৩৩৩, ৭৩৩৩, ৩৩৩৩, ৪৩৩৩, ৩৩৩৩, ৩৩৩৩, ৩৩৩৩, ৩৩৩৩, ৩৩৩৩, ২৩৩৩, ৫৩৩৩, ৩৩৩৩, ৩৩৩৩, ৩৩৩৩, ৩৩৩৩, ৩৩৩৩, ৩৩৩৩, ৩৩৩৩, ৩৩৩৩, ৩৩৩৩, ৩৩৩৩, ৩৩৩৩, ৩৩৩৩, ১৭৭৫, ৩৩৩৩, ৩৩৩৩, ১১৩৩, ৩৩৩৩, ৩৩৩৩, ৩৩৩৩, ৩৩৩৩, ৩৩৩৩, ৩৩৩৩, ৩৩৩৩, ৪৯৬, ৪৩৩৩, ৩৩৩৩, ৬৪৩, ৩৬। মৌখিক পরীক্ষা ঃ ২৫-৬-৯৭ ঃ ছাত্রীঃ ৬১০ থেকে ১৬ (২০ জন), ছাত্রঃ ৪৪ থেকে ৩৯৫৯ (২০ জন)। ২৬-৬-৯৭ ঃ ছাত্রীঃ ৪২৬২ থেকে ২৮৪৭ (২০ জন), ছাত্রঃ ৩০৬ থেকে ২৮৭৩ (২০ জন)। ২৭-৬-৯৭ ঃ ছাত্রীঃ ৩৩৭৭ থেকে ৪৭৭৪ (২০ জন), ছাত্রঃ ৩৩৩৩ থেকে ৩৩৮ (৪০ জন)।
ফার্মেসী ঃ ছাত্রীঃ ১৪৭০, ১৮৬৮, ৫৩৭২, ৫৩৭১, ১৪২৭, ১৫৭, ৪৪৫২, ৫৩৩৭, ৫৫২৮, ৩৮৩৭, ৩৯৯৭, ৭৫৫৩, ৭৩১৩, ৩৩৩৮, ৩৭১, ৪৩৩১, ৩৩৩১, ৩১১, ৩৯৮২, ২৪৯৪, ১৯৬, ৩৩১৩, ১১৩০, ৩৩৩৩, ৩৩৩৩, ৩৩৩৩, ৩৪৩৩, ৪৩৩৩, ৩৩৩৩, ৩৩৩৩, ৪৩৩৩, ৩৩৩৩, ৩৩৩৩, ৩৩৩৩, ৩৩৩৩, ৩৩৩৩, ৩৩৩৩, ২৩৩৩, ৩৩৩৩, ৩৩৩৩, ৩৩৩৩, ৩৩৩৩, ৩৩৩৩, ৩৩৩৩, ৩৩৩৩, ৩৩৩৩, ৩৩৩৩, ৩৩৩৩, ৩৩৩৩, ৩৩৩৩, ৩৩৩৩, ৩৩৩৩, ৩৩৩৩, ৩৩৩৩, ৩৩৩৩, ৩৩৩৩, ৩৩৩৩, ৩৩৩৩, ৩৩৩৩, ৩৩৩৩, ৩৩৩৩, ৩৩৩৩, ৩৩৩৩, ৩৩৩৩, ৩৩৩৩, ৩৩৩৩, ৩৩৩৩, ৩৩৩৩, ৩৩৩৩, ৩৩৩৩, ৩৩৩৩, ৩৩৩৩, ৩৩৩৩, ৩৩৩৩, ৩৩৩৩, ৩৩৩৩, ৩৩৩৩, ৩৩৩৩, ৩৩৩৩, ৩৩৩৩, ৩৩৩৩, ৩৩৩৩, ৩৩৩৩, ৩৩৩৩, ৩৩৩৩, ৩৩৩৩, ৩৩৩৩, ৩৩৩৩, ৩৩৩৩, ৩৩৩৩, ৩৩৩৩, ৩৩৩৩, ৩৩৩৩, ৩৩৩৩, ৩৩৩৩, ৬৮২০। মৌখিক পরীক্ষা ঃ ২৫-৬-৯৭ ঃ ছাত্রীঃ ১৪৭০ থেকে ১৭৯৫ (২৫ জন), ছাত্রঃ ৩৩৭৪ থেকে ২৯৬৫ (৪০জন)। ২৬-৬-৯৭ ঃ ছাত্রীঃ ৭৪৪৬ থেকে ১৩৩৩ (২৫ জন), ছাত্রঃ ২৯৯৪ থেকে ৩৭৪ (৪০ জন)। ২৭-৬-৯৭ ঃ ছাত্রীঃ ৬৬৬৬ থেকে ৬৪২০ (২০ জন)।
এই ফলাফলের সাথে বিভাগে রক্ষিত ফলাফলের কোন পার্থক্য দেখা গেলে সে ক্ষেত্রে সংশ্লিষ্ট বিভাগে রক্ষিত ফলাফলই চূড়ান্ত বিবেচিত হবে। সকল বিভাগের মৌখিক পরীক্ষা প্রতিদিন সকাল ৯-৩০টায় শুরু হবে। মৌখিক পরীক্ষার সময় ছাত্র/ছাত্রীদেরকে ভর্তি পরীক্ষার প্রবেশপত্র, মাধ্যমিক পরীক্ষার মূল সনদপত্র এবং মাধ্যমিক ও উচ্চ মাধ্যমিক পরীক্ষার মূল নম্বরপত্রী সঙ্গে রাখতে হবে। একই দিনে একাধিক বিভাগে কোন ছাত্র/ছাত্রীর মৌখিক পরীক্ষা অনুষ্ঠিত হলে উক্ত ছাত্র/ছাত্রী সংশ্লিষ্ট বিভাগের সঙ্গে পূর্বাহ্নেই যোগাযোগ করে মৌখিক পরীক্ষার সময়সূচী সমন্বয় করে নিতে পারবে। মৌখিক পরীক্ষায় অংশগ্রহণেচ্ছুক ছাত্র/ছাত্রী এবং/অথবা তাদের অভিভাবকগণের যাতায়াতের জন্য বিশ্ববিদ্যালয়ের পক্ষ থেকে কোন পরিবহণের ব্যবস্থা করা হবে না।
মুহাম্মদ আবদুল গফুর
ডেপুটি রেজিস্ট্রার (অ্যাকাডেমিক)
